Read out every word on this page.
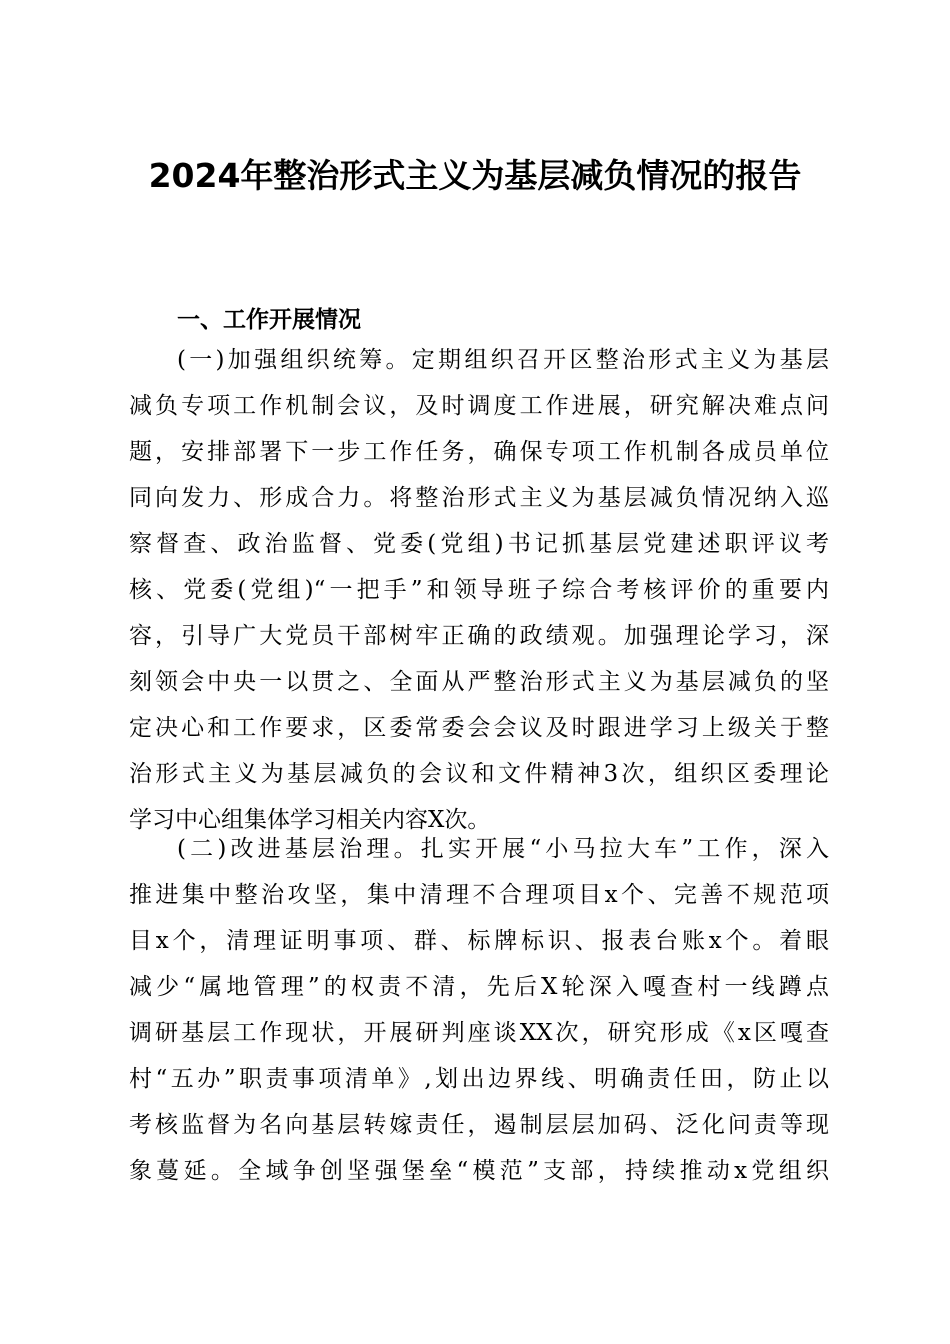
2024年整治形式主义为基层减负情况的报告
一、工作开展情况
(一)加强组织统筹。定期组织召开区整治形式主义为基层
减负专项工作机制会议，及时调度工作进展，研究解决难点问
题，安排部署下一步工作任务，确保专项工作机制各成员单位
同向发力、形成合力。将整治形式主义为基层减负情况纳入巡
察督查、政治监督、党委(党组)书记抓基层党建述职评议考
核、党委(党组)“一把手”和领导班子综合考核评价的重要内
容，引导广大党员干部树牢正确的政绩观。加强理论学习，深
刻领会中央一以贯之、全面从严整治形式主义为基层减负的坚
定决心和工作要求，区委常委会会议及时跟进学习上级关于整
治形式主义为基层减负的会议和文件精神3次，组织区委理论
学习中心组集体学习相关内容X次。
(二)改进基层治理。扎实开展“小马拉大车”工作，深入
推进集中整治攻坚，集中清理不合理项目x个、完善不规范项
目x个，清理证明事项、群、标牌标识、报表台账x个。着眼
减少“属地管理”的权责不清，先后X轮深入嘎查村一线蹲点
调研基层工作现状，开展研判座谈XX次，研究形成《x区嘎查
村“五办”职责事项清单》,划出边界线、明确责任田，防止以
考核监督为名向基层转嫁责任，遏制层层加码、泛化问责等现
象蔓延。全域争创坚强堡垒“模范”支部，持续推动x党组织
